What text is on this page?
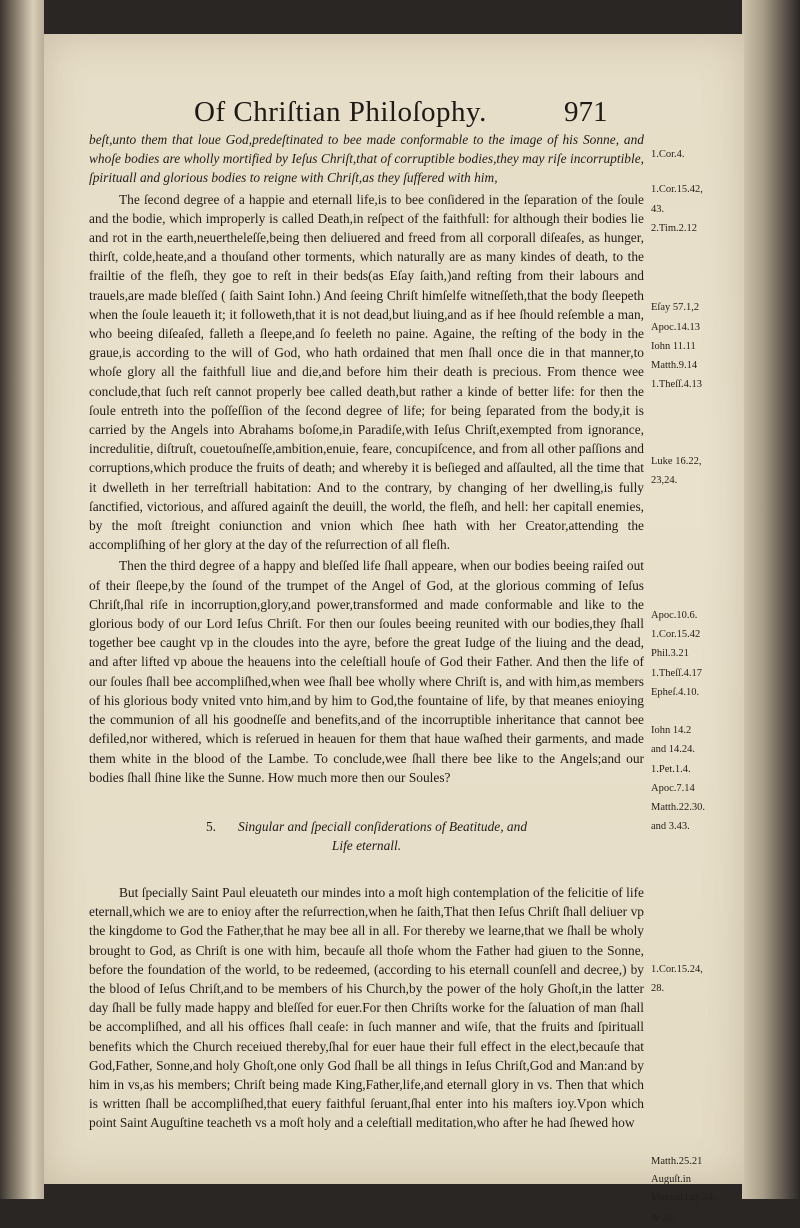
Of Chriſtian Philoſophy.	971

beſt,unto them that loue God,predeſtinated to bee made conformable to the image of his Sonne, and whoſe bodies are wholly mortified by Ieſus Chriſt,that of corruptible bodies,they may riſe incorruptible, ſpirituall and glorious bodies to reigne with Chriſt,as they ſuffered with him,

The ſecond degree of a happie and eternall life,is to bee conſidered in the ſeparation of the ſoule and the bodie, which improperly is called Death,in reſpect of the faithfull: for although their bodies lie and rot in the earth,neuertheleſſe,being then deliuered and freed from all corporall diſeaſes, as hunger, thirſt, colde,heate,and a thouſand other torments, which naturally are as many kindes of death, to the frailtie of the fleſh, they goe to reſt in their beds(as Eſay ſaith,)and reſting from their labours and trauels,are made bleſſed ( ſaith Saint Iohn.) And ſeeing Chriſt himſelfe witneſſeth,that the body ſleepeth when the ſoule leaueth it; it followeth,that it is not dead,but liuing,and as if hee ſhould reſemble a man, who beeing diſeaſed, falleth a ſleepe,and ſo feeleth no paine. Againe, the reſting of the body in the graue,is according to the will of God, who hath ordained that men ſhall once die in that manner,to whoſe glory all the faithfull liue and die,and before him their death is precious. From thence wee conclude,that ſuch reſt cannot properly bee called death,but rather a kinde of better life: for then the ſoule entreth into the poſſeſſion of the ſecond degree of life; for being ſeparated from the body,it is carried by the Angels into Abrahams boſome,in Paradiſe,with Ieſus Chriſt,exempted from ignorance, incredulitie, diſtruſt, couetouſneſſe,ambition,enuie, feare, concupiſcence, and from all other paſſions and corruptions,which produce the fruits of death; and whereby it is beſieged and aſſaulted, all the time that it dwelleth in her terreſtriall habitation: And to the contrary, by changing of her dwelling,is fully ſanctified, victorious, and aſſured againſt the deuill, the world, the fleſh, and hell: her capitall enemies, by the moſt ſtreight coniunction and vnion which ſhee hath with her Creator,attending the accompliſhing of her glory at the day of the reſurrection of all fleſh.

Then the third degree of a happy and bleſſed life ſhall appeare, when our bodies beeing raiſed out of their ſleepe,by the ſound of the trumpet of the Angel of God, at the glorious comming of Ieſus Chriſt,ſhal riſe in incorruption,glory,and power,transformed and made conformable and like to the glorious body of our Lord Ieſus Chriſt. For then our ſoules beeing reunited with our bodies,they ſhall together bee caught vp in the cloudes into the ayre, before the great Iudge of the liuing and the dead, and after lifted vp aboue the heauens into the celeſtiall houſe of God their Father. And then the life of our ſoules ſhall bee accompliſhed,when wee ſhall bee wholly where Chriſt is, and with him,as members of his glorious body vnited vnto him,and by him to God,the fountaine of life, by that meanes enioying the communion of all his goodneſſe and benefits,and of the incorruptible inheritance that cannot bee defiled,nor withered, which is reſerued in heauen for them that haue waſhed their garments, and made them white in the blood of the Lambe. To conclude,wee ſhall there bee like to the Angels;and our bodies ſhall ſhine like the Sunne. How much more then our Soules?

5. Singular and ſpeciall conſiderations of Beatitude, and
Life eternall.

But ſpecially Saint Paul eleuateth our mindes into a moſt high contemplation of the felicitie of life eternall,which we are to enioy after the reſurrection,when he ſaith,That then Ieſus Chriſt ſhall deliuer vp the kingdome to God the Father,that he may bee all in all. For thereby we learne,that we ſhall be wholy brought to God, as Chriſt is one with him, becauſe all thoſe whom the Father had giuen to the Sonne, before the foundation of the world, to be redeemed, (according to his eternall counſell and decree,) by the blood of Ieſus Chriſt,and to be members of his Church,by the power of the holy Ghoſt,in the latter day ſhall be fully made happy and bleſſed for euer.For then Chriſts worke for the ſaluation of man ſhall be accompliſhed, and all his offices ſhall ceaſe: in ſuch manner and wiſe, that the fruits and ſpirituall benefits which the Church receiued thereby,ſhal for euer haue their full effect in the elect,becauſe that God,Father, Sonne,and holy Ghoſt,one only God ſhall be all things in Ieſus Chriſt,God and Man:and by him in vs,as his members; Chriſt being made King,Father,life,and eternall glory in vs. Then that which is written ſhall be accompliſhed,that euery faithful ſeruant,ſhal enter into his maſters ioy.Vpon which point Saint Auguſtine teacheth vs a moſt holy and a celeſtiall meditation,who after he had ſhewed how

1.Cor.4.
1.Cor.15.42,
43.
2.Tim.2.12
Eſay 57.1,2
Apoc.14.13
Iohn 11.11
Matth.9.14
1.Theſſ.4.13
Luke 16.22,
23,24.
Apoc.10.6.
1.Cor.15.42
Phil.3.21
1.Theſſ.4.17
Epheſ.4.10.
Iohn 14.2
and 14.24.
1.Pet.1.4.
Apoc.7.14
Matth.22.30.
and 3.43.
1.Cor.15.24,
28.
Matth.25.21
Auguſt.in Manual.cap.34.
& 35.
